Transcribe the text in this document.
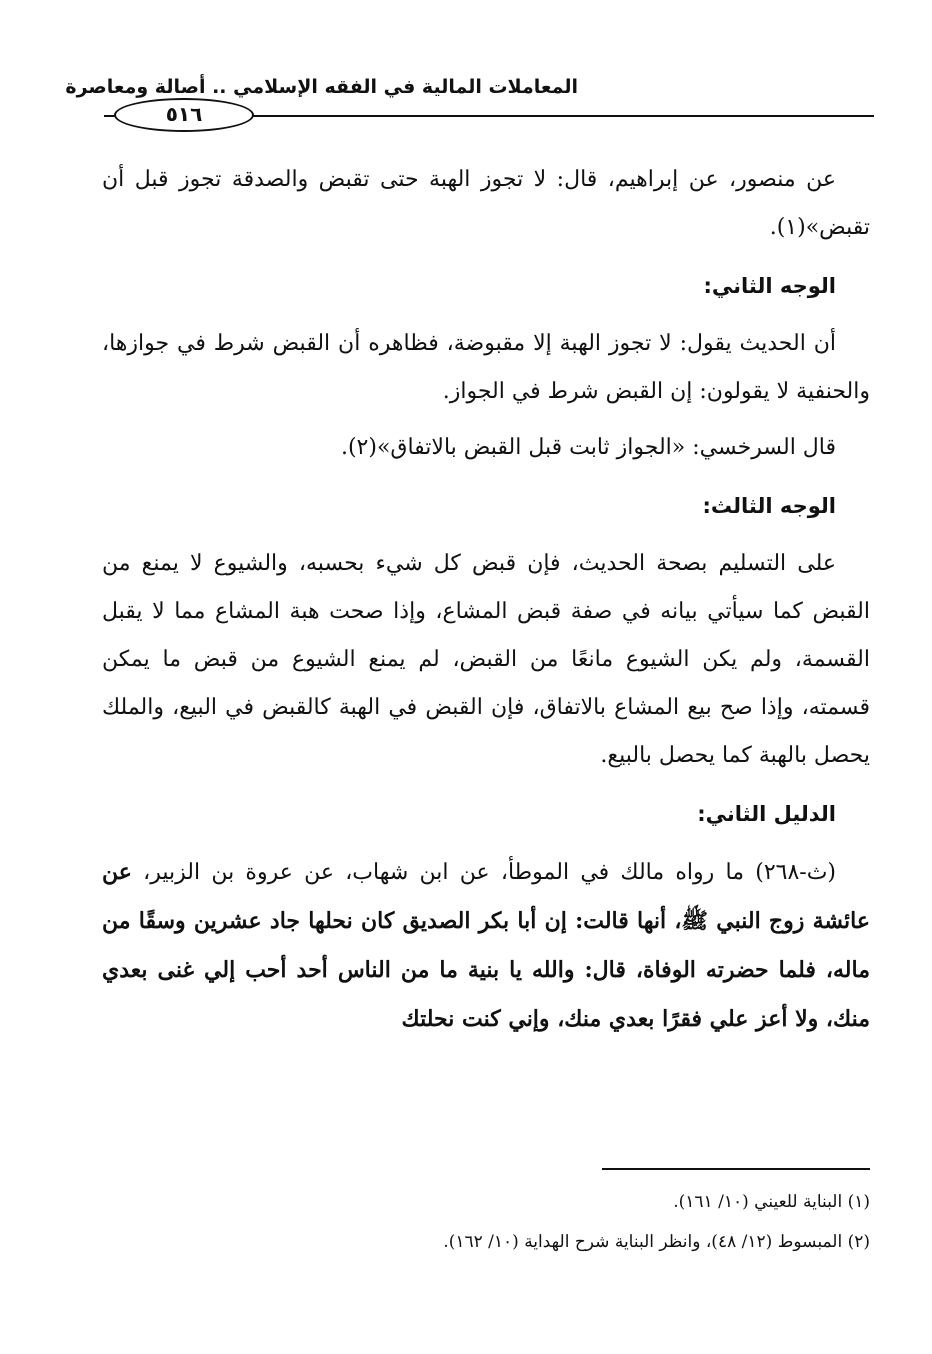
المعاملات المالية في الفقه الإسلامي .. أصالة ومعاصرة
٥١٦

عن منصور، عن إبراهيم، قال: لا تجوز الهبة حتى تقبض والصدقة تجوز قبل أن تقبض»(١).

الوجه الثاني:

أن الحديث يقول: لا تجوز الهبة إلا مقبوضة، فظاهره أن القبض شرط في جوازها، والحنفية لا يقولون: إن القبض شرط في الجواز.

قال السرخسي: «الجواز ثابت قبل القبض بالاتفاق»(٢).

الوجه الثالث:

على التسليم بصحة الحديث، فإن قبض كل شيء بحسبه، والشيوع لا يمنع من القبض كما سيأتي بيانه في صفة قبض المشاع، وإذا صحت هبة المشاع مما لا يقبل القسمة، ولم يكن الشيوع مانعًا من القبض، لم يمنع الشيوع من قبض ما يمكن قسمته، وإذا صح بيع المشاع بالاتفاق، فإن القبض في الهبة كالقبض في البيع، والملك يحصل بالهبة كما يحصل بالبيع.

الدليل الثاني:

(ث-٢٦٨) ما رواه مالك في الموطأ، عن ابن شهاب، عن عروة بن الزبير، عن عائشة زوج النبي ﷺ، أنها قالت: إن أبا بكر الصديق كان نحلها جاد عشرين وسقًا من ماله، فلما حضرته الوفاة، قال: والله يا بنية ما من الناس أحد أحب إلي غنى بعدي منك، ولا أعز علي فقرًا بعدي منك، وإني كنت نحلتك

(١) البناية للعيني (١٠/ ١٦١).
(٢) المبسوط (١٢/ ٤٨)، وانظر البناية شرح الهداية (١٠/ ١٦٢).
